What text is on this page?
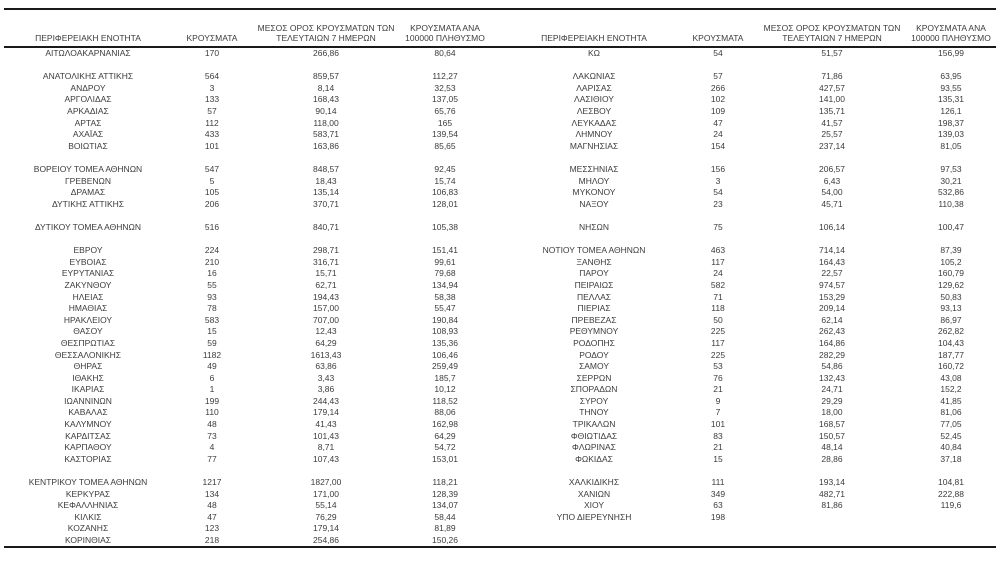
ΠΕΡΙΦΕΡΕΙΑΚΗ ΕΝΟΤΗΤΑ	ΚΡΟΥΣΜΑΤΑ	ΜΕΣΟΣ ΟΡΟΣ ΚΡΟΥΣΜΑΤΩΝ ΤΩΝ ΤΕΛΕΥΤΑΙΩΝ 7 ΗΜΕΡΩΝ	ΚΡΟΥΣΜΑΤΑ ΑΝΑ 100000 ΠΛΗΘΥΣΜΟ		ΠΕΡΙΦΕΡΕΙΑΚΗ ΕΝΟΤΗΤΑ	ΚΡΟΥΣΜΑΤΑ	ΜΕΣΟΣ ΟΡΟΣ ΚΡΟΥΣΜΑΤΩΝ ΤΩΝ ΤΕΛΕΥΤΑΙΩΝ 7 ΗΜΕΡΩΝ	ΚΡΟΥΣΜΑΤΑ ΑΝΑ 100000 ΠΛΗΘΥΣΜΟ
ΑΙΤΩΛΟΑΚΑΡΝΑΝΙΑΣ	170	266,86	80,64		ΚΩ	54	51,57	156,99

ΑΝΑΤΟΛΙΚΗΣ ΑΤΤΙΚΗΣ	564	859,57	112,27		ΛΑΚΩΝΙΑΣ	57	71,86	63,95
ΑΝΔΡΟΥ	3	8,14	32,53		ΛΑΡΙΣΑΣ	266	427,57	93,55
ΑΡΓΟΛΙΔΑΣ	133	168,43	137,05		ΛΑΣΙΘΙΟΥ	102	141,00	135,31
ΑΡΚΑΔΙΑΣ	57	90,14	65,76		ΛΕΣΒΟΥ	109	135,71	126,1
ΑΡΤΑΣ	112	118,00	165		ΛΕΥΚΑΔΑΣ	47	41,57	198,37
ΑΧΑΪΑΣ	433	583,71	139,54		ΛΗΜΝΟΥ	24	25,57	139,03
ΒΟΙΩΤΙΑΣ	101	163,86	85,65		ΜΑΓΝΗΣΙΑΣ	154	237,14	81,05

ΒΟΡΕΙΟΥ ΤΟΜΕΑ ΑΘΗΝΩΝ	547	848,57	92,45		ΜΕΣΣΗΝΙΑΣ	156	206,57	97,53
ΓΡΕΒΕΝΩΝ	5	18,43	15,74		ΜΗΛΟΥ	3	6,43	30,21
ΔΡΑΜΑΣ	105	135,14	106,83		ΜΥΚΟΝΟΥ	54	54,00	532,86
ΔΥΤΙΚΗΣ ΑΤΤΙΚΗΣ	206	370,71	128,01		ΝΑΞΟΥ	23	45,71	110,38

ΔΥΤΙΚΟΥ ΤΟΜΕΑ ΑΘΗΝΩΝ	516	840,71	105,38		ΝΗΣΩΝ	75	106,14	100,47

ΕΒΡΟΥ	224	298,71	151,41		ΝΟΤΙΟΥ ΤΟΜΕΑ ΑΘΗΝΩΝ	463	714,14	87,39
ΕΥΒΟΙΑΣ	210	316,71	99,61		ΞΑΝΘΗΣ	117	164,43	105,2
ΕΥΡΥΤΑΝΙΑΣ	16	15,71	79,68		ΠΑΡΟΥ	24	22,57	160,79
ΖΑΚΥΝΘΟΥ	55	62,71	134,94		ΠΕΙΡΑΙΩΣ	582	974,57	129,62
ΗΛΕΙΑΣ	93	194,43	58,38		ΠΕΛΛΑΣ	71	153,29	50,83
ΗΜΑΘΙΑΣ	78	157,00	55,47		ΠΙΕΡΙΑΣ	118	209,14	93,13
ΗΡΑΚΛΕΙΟΥ	583	707,00	190,84		ΠΡΕΒΕΖΑΣ	50	62,14	86,97
ΘΑΣΟΥ	15	12,43	108,93		ΡΕΘΥΜΝΟΥ	225	262,43	262,82
ΘΕΣΠΡΩΤΙΑΣ	59	64,29	135,36		ΡΟΔΟΠΗΣ	117	164,86	104,43
ΘΕΣΣΑΛΟΝΙΚΗΣ	1182	1613,43	106,46		ΡΟΔΟΥ	225	282,29	187,77
ΘΗΡΑΣ	49	63,86	259,49		ΣΑΜΟΥ	53	54,86	160,72
ΙΘΑΚΗΣ	6	3,43	185,7		ΣΕΡΡΩΝ	76	132,43	43,08
ΙΚΑΡΙΑΣ	1	3,86	10,12		ΣΠΟΡΑΔΩΝ	21	24,71	152,2
ΙΩΑΝΝΙΝΩΝ	199	244,43	118,52		ΣΥΡΟΥ	9	29,29	41,85
ΚΑΒΑΛΑΣ	110	179,14	88,06		ΤΗΝΟΥ	7	18,00	81,06
ΚΑΛΥΜΝΟΥ	48	41,43	162,98		ΤΡΙΚΑΛΩΝ	101	168,57	77,05
ΚΑΡΔΙΤΣΑΣ	73	101,43	64,29		ΦΘΙΩΤΙΔΑΣ	83	150,57	52,45
ΚΑΡΠΑΘΟΥ	4	8,71	54,72		ΦΛΩΡΙΝΑΣ	21	48,14	40,84
ΚΑΣΤΟΡΙΑΣ	77	107,43	153,01		ΦΩΚΙΔΑΣ	15	28,86	37,18

ΚΕΝΤΡΙΚΟΥ ΤΟΜΕΑ ΑΘΗΝΩΝ	1217	1827,00	118,21		ΧΑΛΚΙΔΙΚΗΣ	111	193,14	104,81
ΚΕΡΚΥΡΑΣ	134	171,00	128,39		ΧΑΝΙΩΝ	349	482,71	222,88
ΚΕΦΑΛΛΗΝΙΑΣ	48	55,14	134,07		ΧΙΟΥ	63	81,86	119,6
ΚΙΛΚΙΣ	47	76,29	58,44		ΥΠΟ ΔΙΕΡΕΥΝΗΣΗ	198		
ΚΟΖΑΝΗΣ	123	179,14	81,89					
ΚΟΡΙΝΘΙΑΣ	218	254,86	150,26					
